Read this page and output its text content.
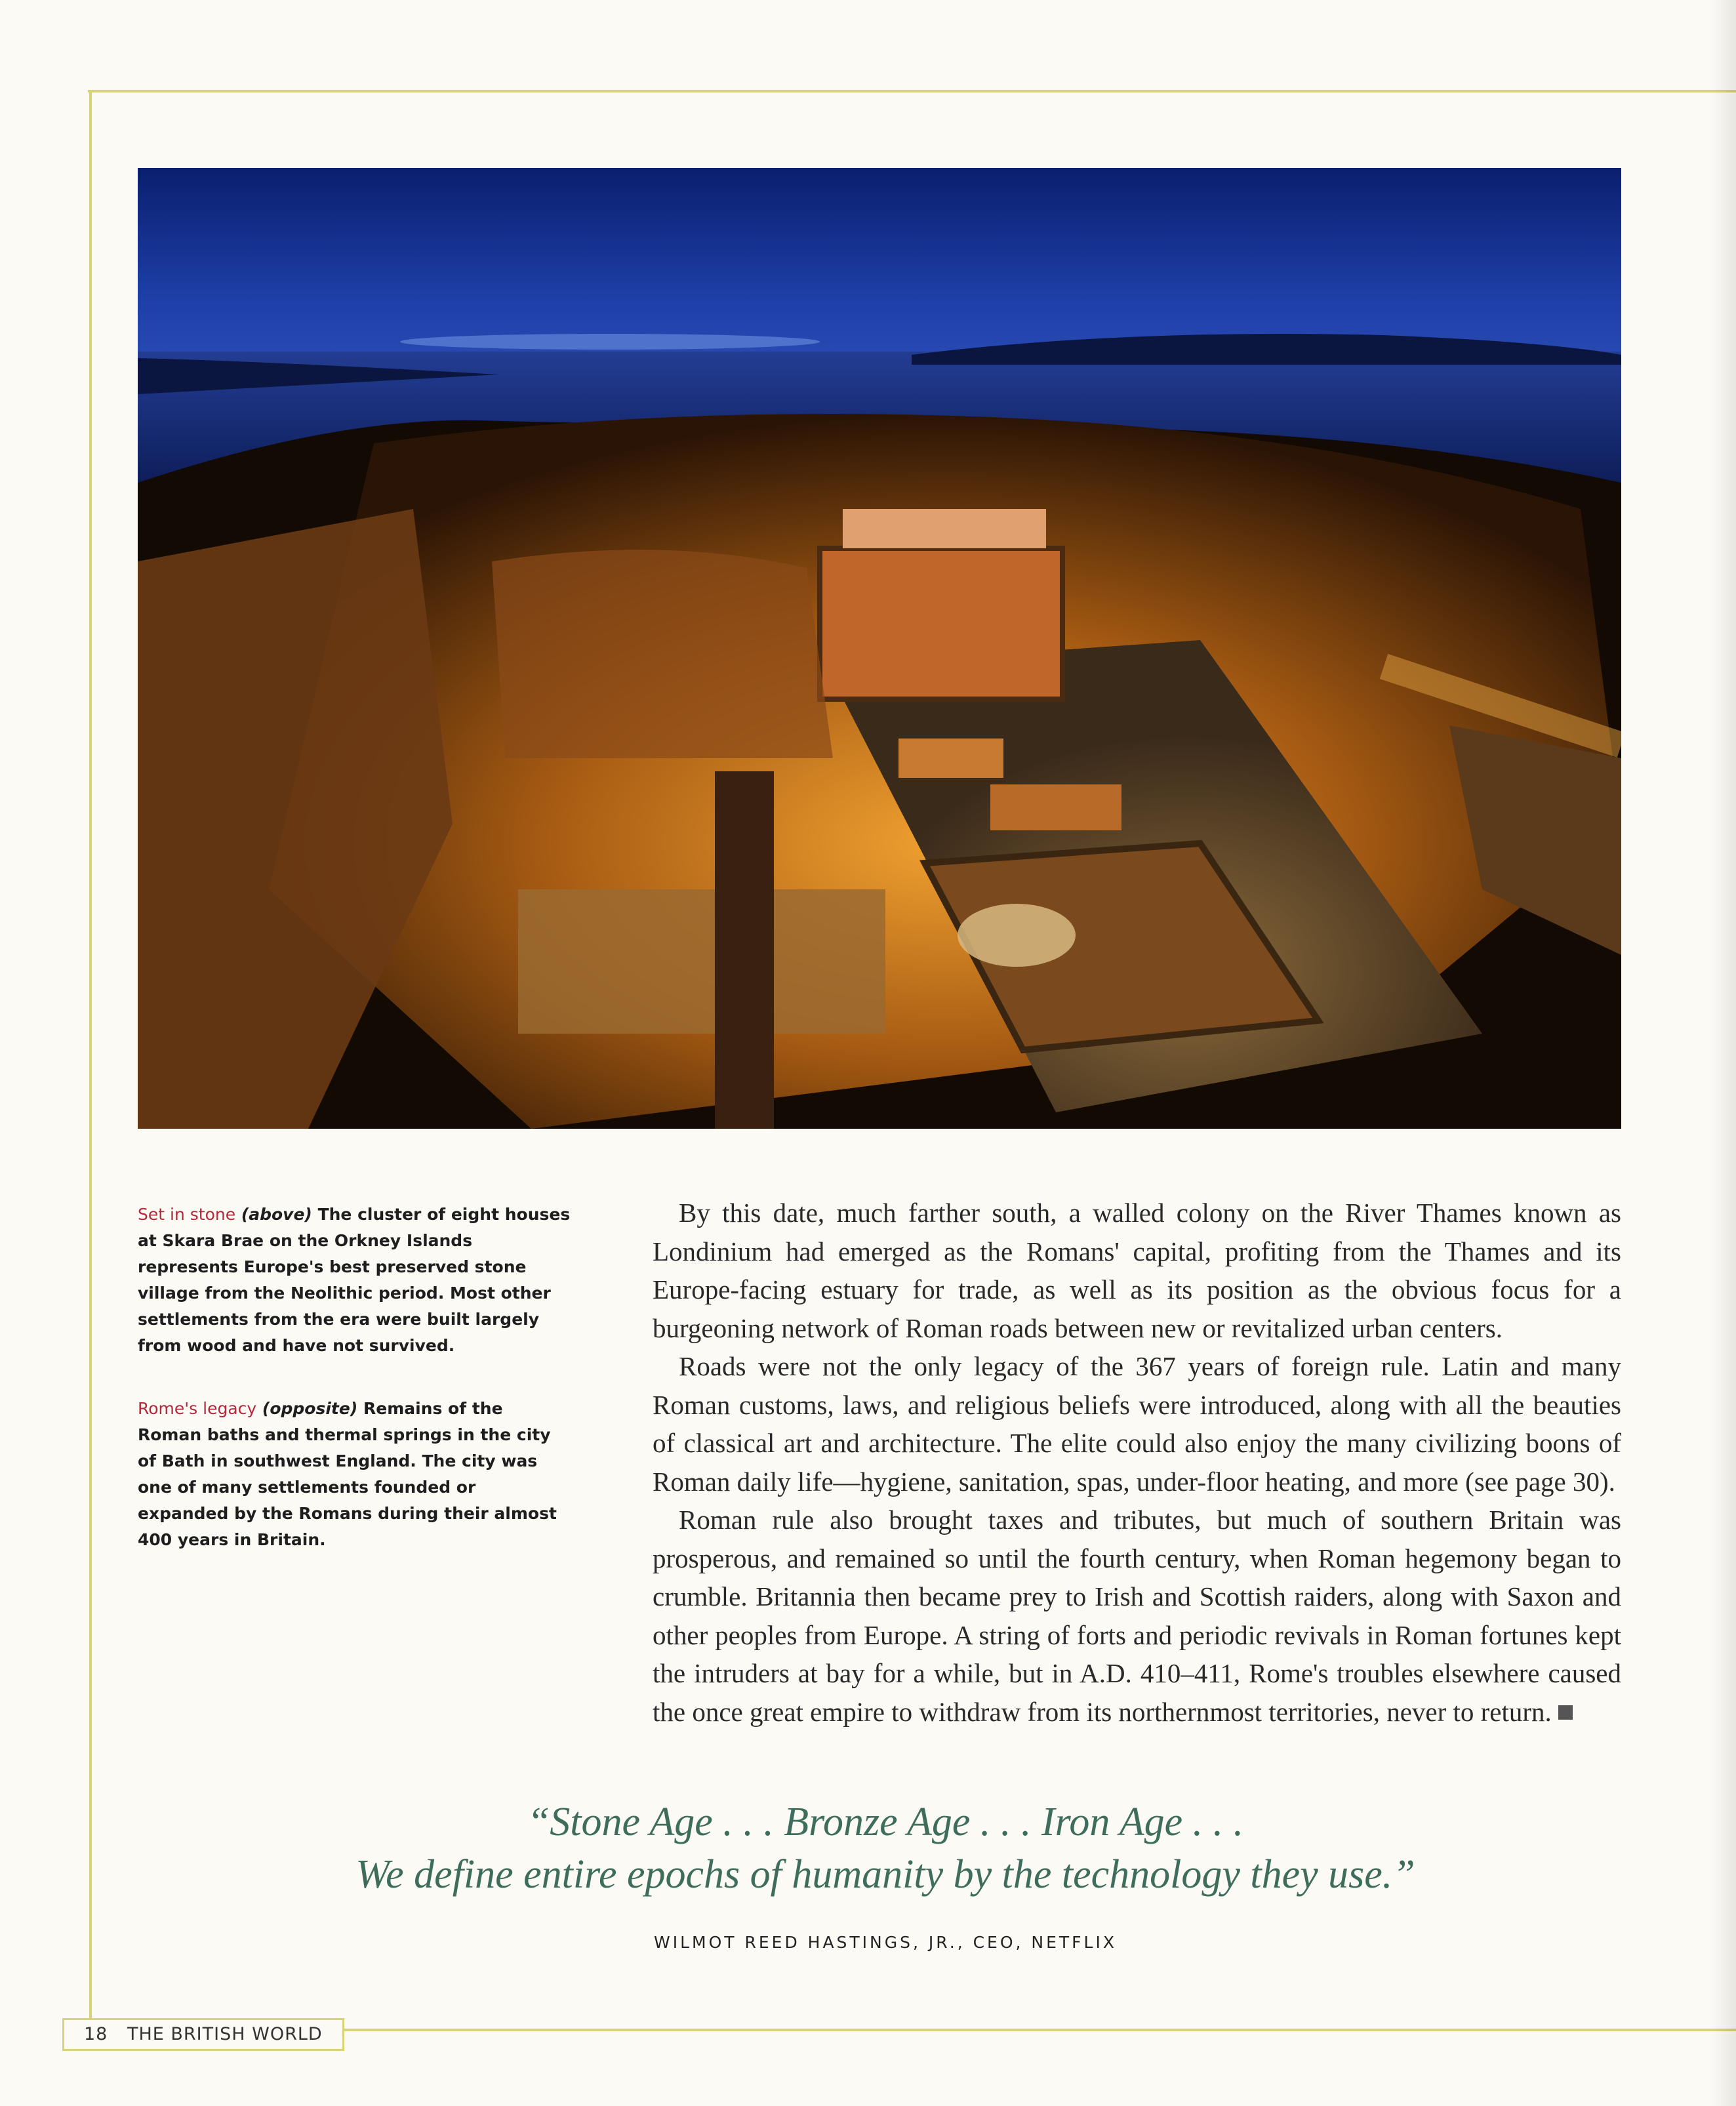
Set in stone (above) The cluster of eight houses at Skara Brae on the Orkney Islands represents Europe's best preserved stone village from the Neolithic period. Most other settlements from the era were built largely from wood and have not survived.
Rome's legacy (opposite) Remains of the Roman baths and thermal springs in the city of Bath in southwest England. The city was one of many settlements founded or expanded by the Romans during their almost 400 years in Britain.

By this date, much farther south, a walled colony on the River Thames known as Londinium had emerged as the Romans' capital, profiting from the Thames and its Europe-facing estuary for trade, as well as its position as the obvious focus for a burgeoning network of Roman roads between new or revitalized urban centers.

Roads were not the only legacy of the 367 years of foreign rule. Latin and many Roman customs, laws, and religious beliefs were introduced, along with all the beauties of classical art and architecture. The elite could also enjoy the many civilizing boons of Roman daily life—hygiene, sanitation, spas, under-floor heating, and more (see page 30).

Roman rule also brought taxes and tributes, but much of southern Britain was prosperous, and remained so until the fourth century, when Roman hegemony began to crumble. Britannia then became prey to Irish and Scottish raiders, along with Saxon and other peoples from Europe. A string of forts and periodic revivals in Roman fortunes kept the intruders at bay for a while, but in A.D. 410–411, Rome's troubles elsewhere caused the once great empire to withdraw from its northernmost territories, never to return.

“Stone Age . . . Bronze Age . . . Iron Age . . .
We define entire epochs of humanity by the technology they use.”
WILMOT REED HASTINGS, JR., CEO, NETFLIX
18 THE BRITISH WORLD
